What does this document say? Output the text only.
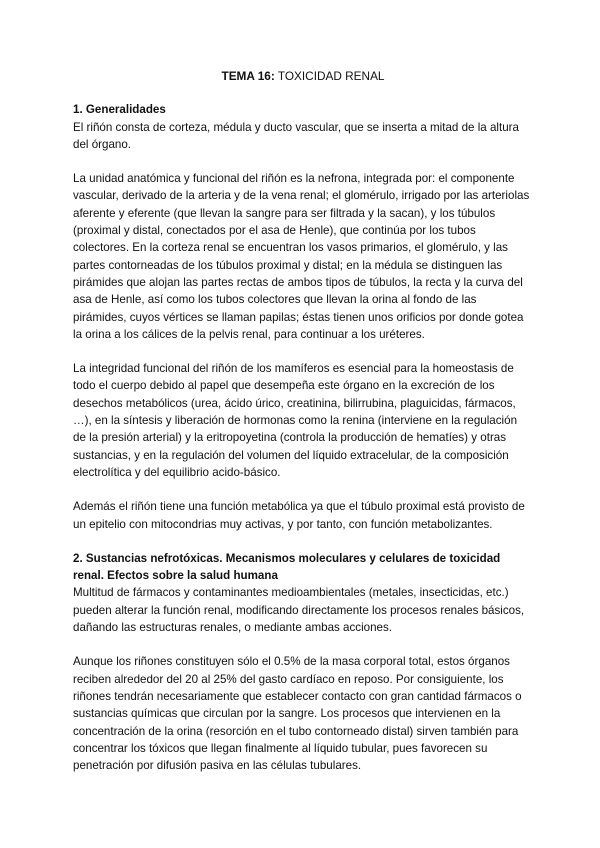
TEMA 16: TOXICIDAD RENAL

1. Generalidades

El riñón consta de corteza, médula y ducto vascular, que se inserta a mitad de la altura del órgano.

La unidad anatómica y funcional del riñón es la nefrona, integrada por: el componente vascular, derivado de la arteria y de la vena renal; el glomérulo, irrigado por las arteriolas aferente y eferente (que llevan la sangre para ser filtrada y la sacan), y los túbulos (proximal y distal, conectados por el asa de Henle), que continúa por los tubos colectores. En la corteza renal se encuentran los vasos primarios, el glomérulo, y las partes contorneadas de los túbulos proximal y distal; en la médula se distinguen las pirámides que alojan las partes rectas de ambos tipos de túbulos, la recta y la curva del asa de Henle, así como los tubos colectores que llevan la orina al fondo de las pirámides, cuyos vértices se llaman papilas; éstas tienen unos orificios por donde gotea la orina a los cálices de la pelvis renal, para continuar a los uréteres.

La integridad funcional del riñón de los mamíferos es esencial para la homeostasis de todo el cuerpo debido al papel que desempeña este órgano en la excreción de los desechos metabólicos (urea, ácido úrico, creatinina, bilirrubina, plaguicidas, fármacos, …), en la síntesis y liberación de hormonas como la renina (interviene en la regulación de la presión arterial) y la eritropoyetina (controla la producción de hematíes) y otras sustancias, y en la regulación del volumen del líquido extracelular, de la composición electrolítica y del equilibrio acido-básico.

Además el riñón tiene una función metabólica ya que el túbulo proximal está provisto de un epitelio con mitocondrias muy activas, y por tanto, con función metabolizantes.

2. Sustancias nefrotóxicas. Mecanismos moleculares y celulares de toxicidad renal. Efectos sobre la salud humana

Multitud de fármacos y contaminantes medioambientales (metales, insecticidas, etc.) pueden alterar la función renal, modificando directamente los procesos renales básicos, dañando las estructuras renales, o mediante ambas acciones.

Aunque los riñones constituyen sólo el 0.5% de la masa corporal total, estos órganos reciben alrededor del 20 al 25% del gasto cardíaco en reposo. Por consiguiente, los riñones tendrán necesariamente que establecer contacto con gran cantidad fármacos o sustancias químicas que circulan por la sangre. Los procesos que intervienen en la concentración de la orina (resorción en el tubo contorneado distal) sirven también para concentrar los tóxicos que llegan finalmente al líquido tubular, pues favorecen su penetración por difusión pasiva en las células tubulares.
